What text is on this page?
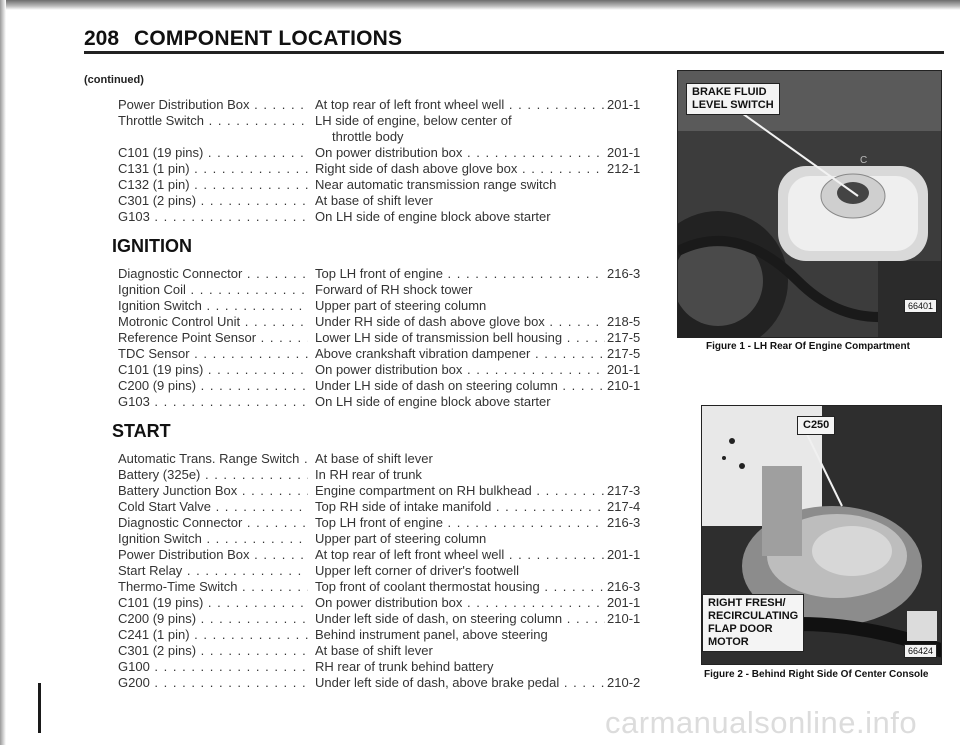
208 COMPONENT LOCATIONS
(continued)
Power Distribution Box . . .	At top rear of left front wheel well . . .	201-1
Throttle Switch . . .	LH side of engine, below center of
throttle body
C101 (19 pins) . . .	On power distribution box . . .	201-1
C131 (1 pin) . . .	Right side of dash above glove box . . .	212-1
C132 (1 pin) . . .	Near automatic transmission range switch
C301 (2 pins) . . .	At base of shift lever
G103 . . .	On LH side of engine block above starter
IGNITION
Diagnostic Connector . . .	Top LH front of engine . . .	216-3
Ignition Coil . . .	Forward of RH shock tower
Ignition Switch . . .	Upper part of steering column
Motronic Control Unit . . .	Under RH side of dash above glove box . . .	218-5
Reference Point Sensor . . .	Lower LH side of transmission bell housing . . .	217-5
TDC Sensor . . .	Above crankshaft vibration dampener . . .	217-5
C101 (19 pins) . . .	On power distribution box . . .	201-1
C200 (9 pins) . . .	Under LH side of dash on steering column . . .	210-1
G103 . . .	On LH side of engine block above starter
START
Automatic Trans. Range Switch . . .	At base of shift lever
Battery (325e) . . .	In RH rear of trunk
Battery Junction Box . . .	Engine compartment on RH bulkhead . . .	217-3
Cold Start Valve . . .	Top RH side of intake manifold . . .	217-4
Diagnostic Connector . . .	Top LH front of engine . . .	216-3
Ignition Switch . . .	Upper part of steering column
Power Distribution Box . . .	At top rear of left front wheel well . . .	201-1
Start Relay . . .	Upper left corner of driver's footwell
Thermo-Time Switch . . .	Top front of coolant thermostat housing . . .	216-3
C101 (19 pins) . . .	On power distribution box . . .	201-1
C200 (9 pins) . . .	Under left side of dash, on steering column . . .	210-1
C241 (1 pin) . . .	Behind instrument panel, above steering
C301 (2 pins) . . .	At base of shift lever
G100 . . .	RH rear of trunk behind battery
G200 . . .	Under left side of dash, above brake pedal . . .	210-2
C
BRAKE FLUID
LEVEL SWITCH
66401
Figure 1 - LH Rear Of Engine Compartment
C250
RIGHT FRESH/
RECIRCULATING
FLAP DOOR
MOTOR
66424
Figure 2 - Behind Right Side Of Center Console
carmanualsonline.info
